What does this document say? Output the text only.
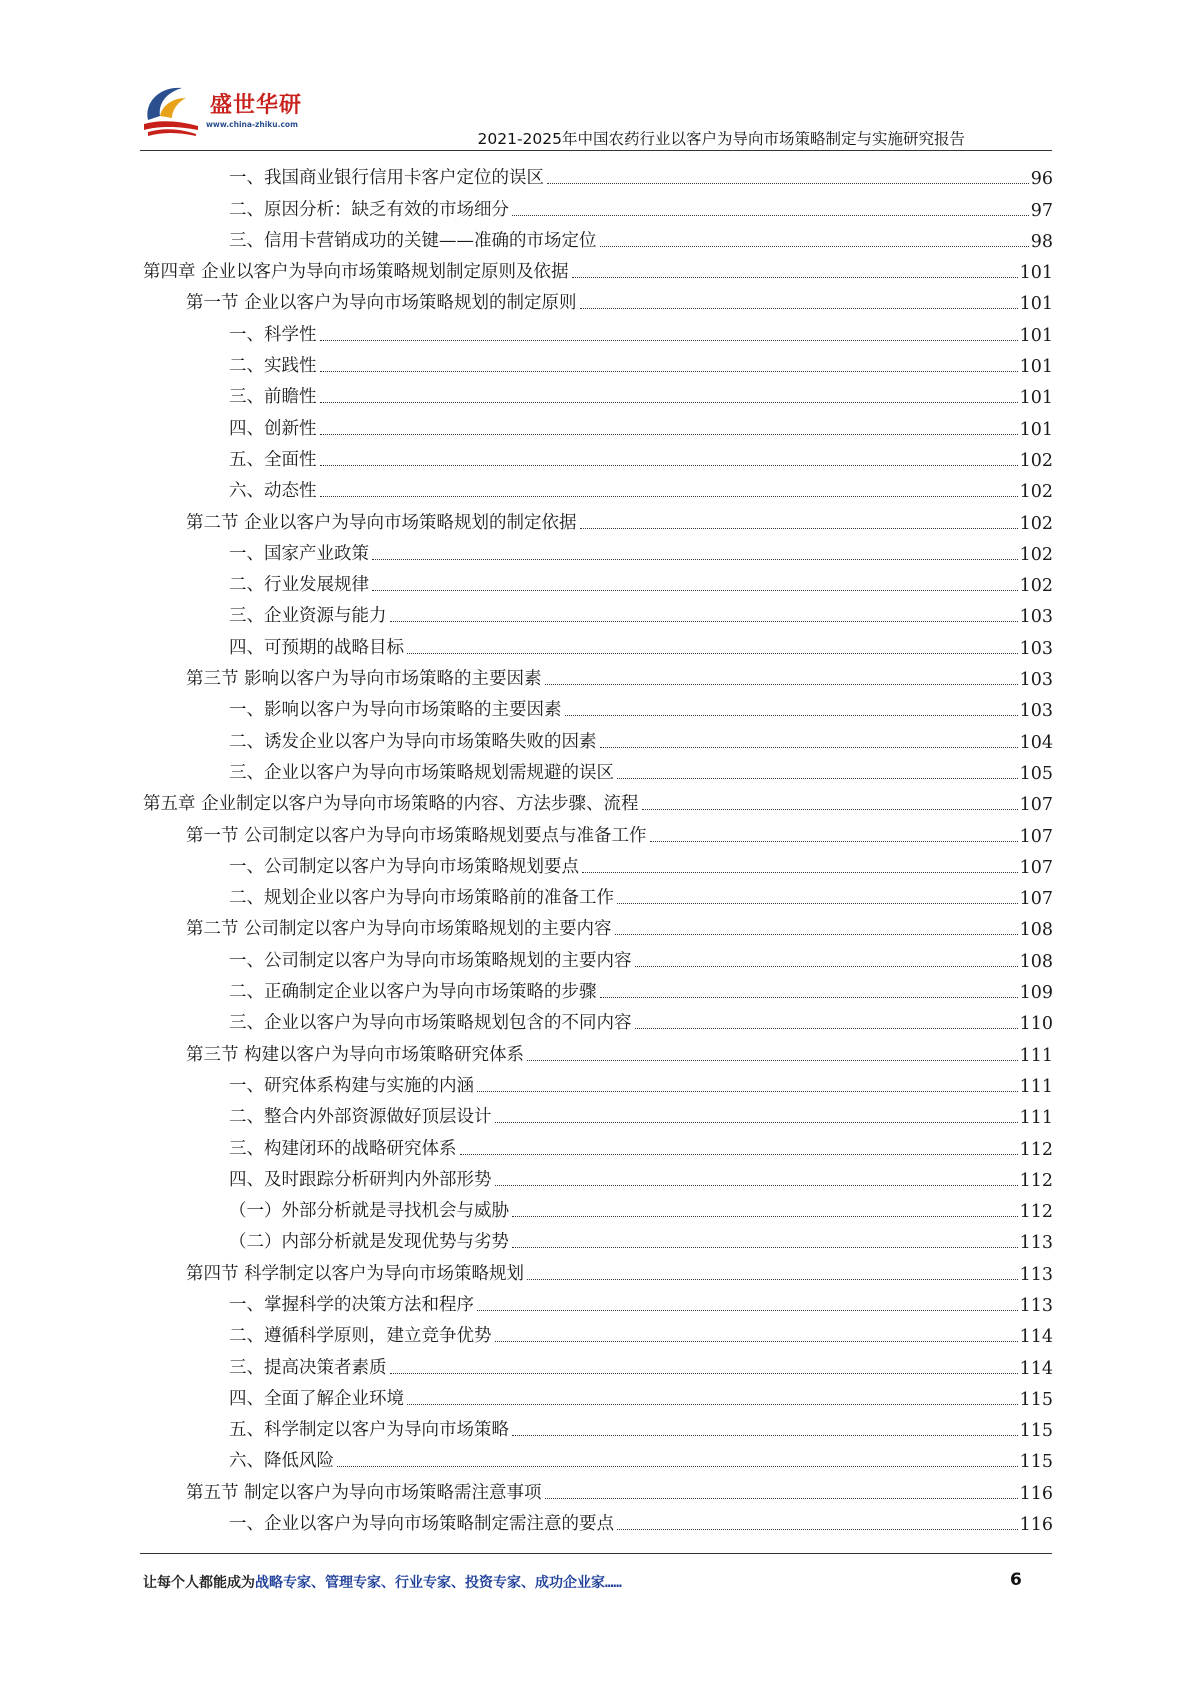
盛世华研
www.china-zhiku.com
2021-2025年中国农药行业以客户为导向市场策略制定与实施研究报告
一、我国商业银行信用卡客户定位的误区	96
二、原因分析：缺乏有效的市场细分	97
三、信用卡营销成功的关键——准确的市场定位	98
第四章 企业以客户为导向市场策略规划制定原则及依据	101
第一节 企业以客户为导向市场策略规划的制定原则	101
一、科学性	101
二、实践性	101
三、前瞻性	101
四、创新性	101
五、全面性	102
六、动态性	102
第二节 企业以客户为导向市场策略规划的制定依据	102
一、国家产业政策	102
二、行业发展规律	102
三、企业资源与能力	103
四、可预期的战略目标	103
第三节 影响以客户为导向市场策略的主要因素	103
一、影响以客户为导向市场策略的主要因素	103
二、诱发企业以客户为导向市场策略失败的因素	104
三、企业以客户为导向市场策略规划需规避的误区	105
第五章 企业制定以客户为导向市场策略的内容、方法步骤、流程	107
第一节 公司制定以客户为导向市场策略规划要点与准备工作	107
一、公司制定以客户为导向市场策略规划要点	107
二、规划企业以客户为导向市场策略前的准备工作	107
第二节 公司制定以客户为导向市场策略规划的主要内容	108
一、公司制定以客户为导向市场策略规划的主要内容	108
二、正确制定企业以客户为导向市场策略的步骤	109
三、企业以客户为导向市场策略规划包含的不同内容	110
第三节 构建以客户为导向市场策略研究体系	111
一、研究体系构建与实施的内涵	111
二、整合内外部资源做好顶层设计	111
三、构建闭环的战略研究体系	112
四、及时跟踪分析研判内外部形势	112
（一）外部分析就是寻找机会与威胁	112
（二）内部分析就是发现优势与劣势	113
第四节 科学制定以客户为导向市场策略规划	113
一、掌握科学的决策方法和程序	113
二、遵循科学原则，建立竞争优势	114
三、提高决策者素质	114
四、全面了解企业环境	115
五、科学制定以客户为导向市场策略	115
六、降低风险	115
第五节 制定以客户为导向市场策略需注意事项	116
一、企业以客户为导向市场策略制定需注意的要点	116
让每个人都能成为战略专家、管理专家、行业专家、投资专家、成功企业家……	6
